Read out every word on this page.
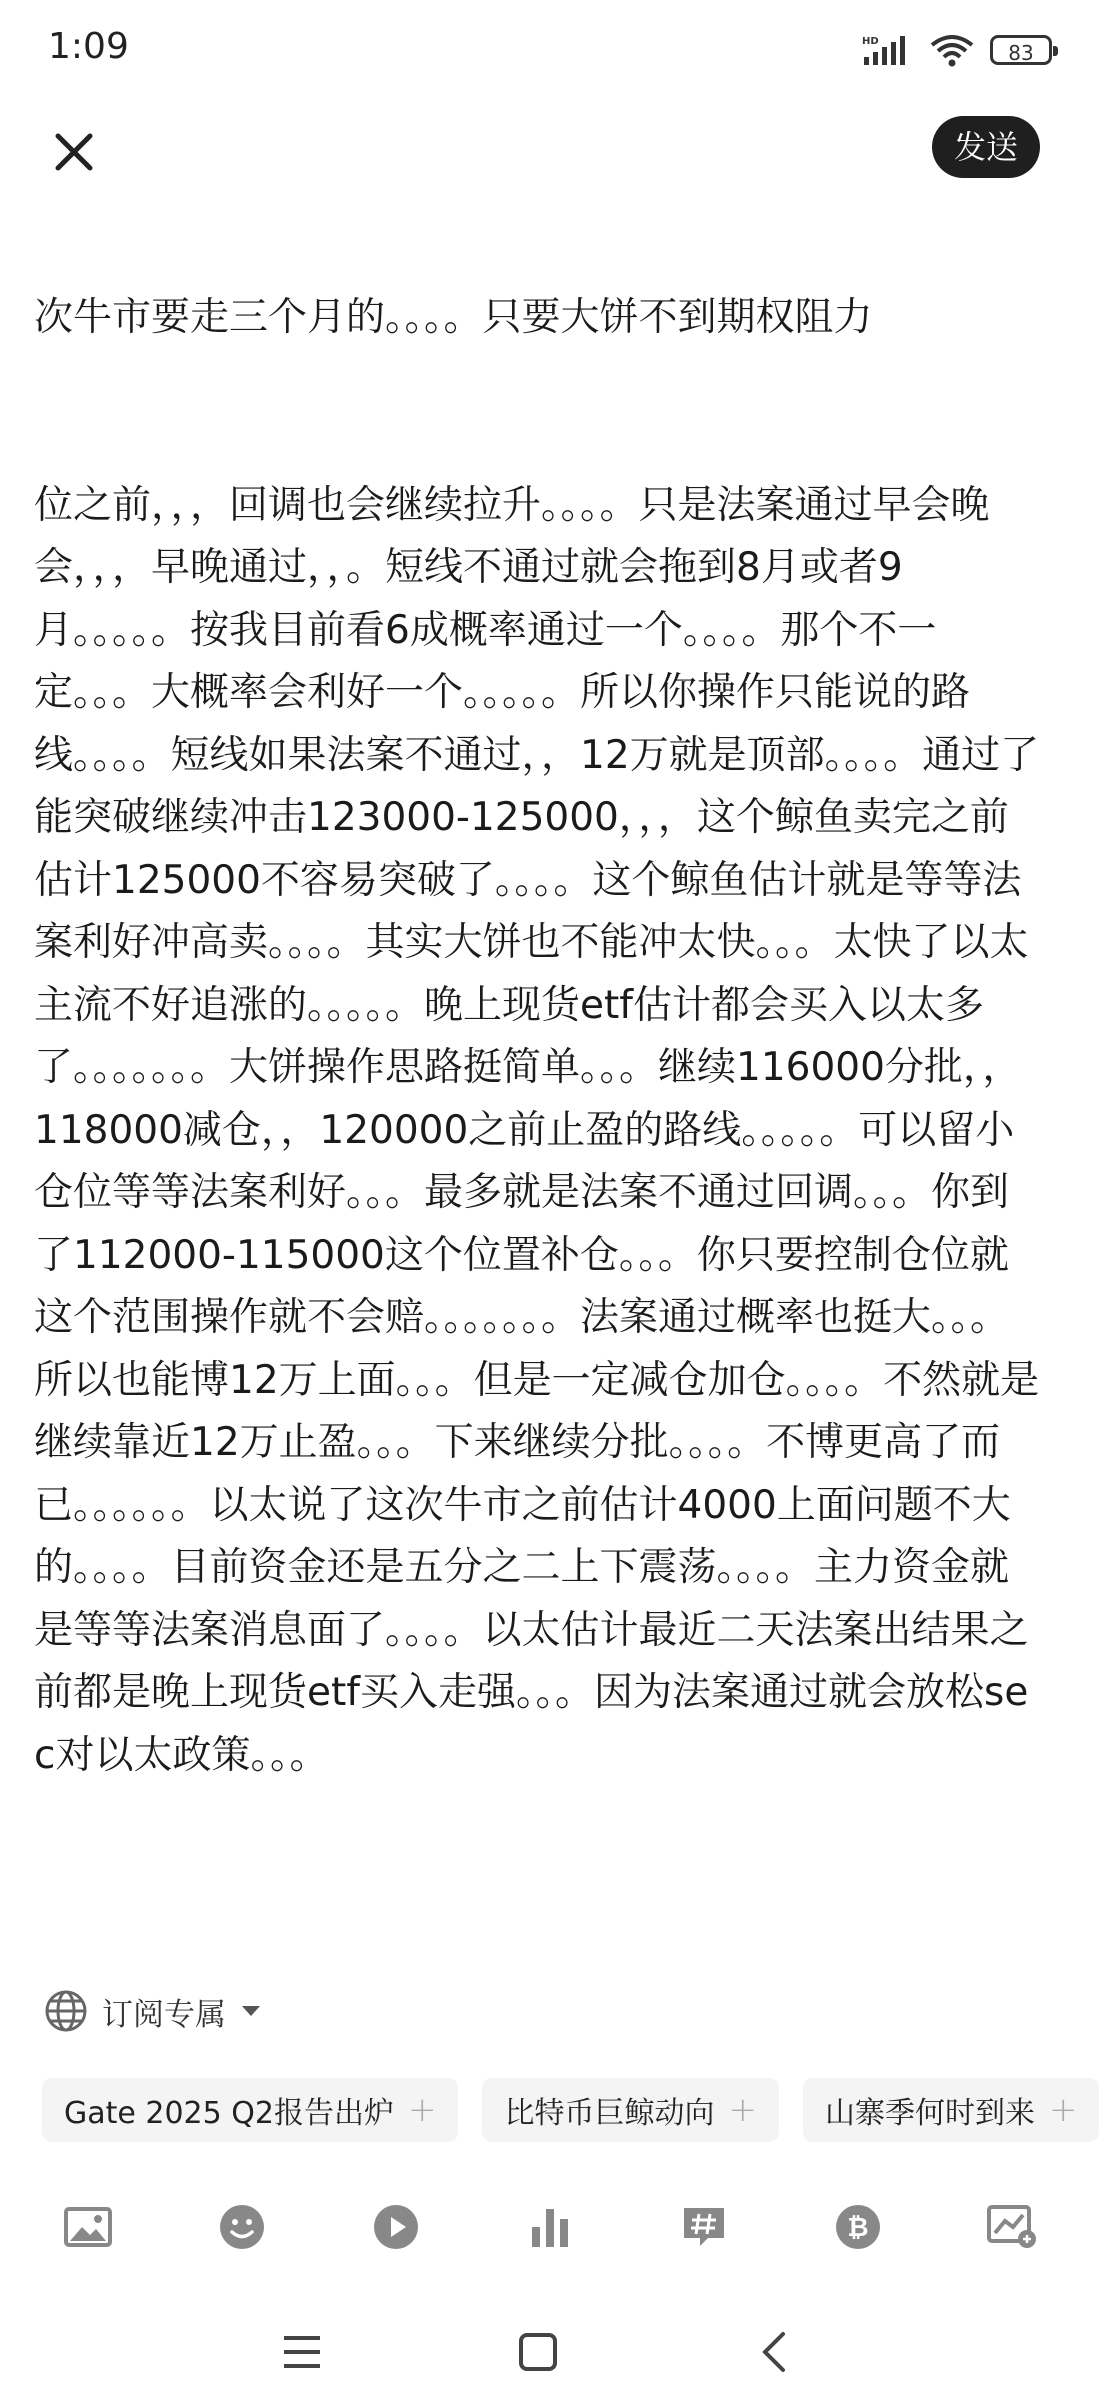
1:09	HD	83
发送

次牛市要走三个月的。。。。只要大饼不到期权阻力

位之前，，，回调也会继续拉升。。。。只是法案通过早会晚会，，，早晚通过，，。短线不通过就会拖到8月或者9月。。。。。按我目前看6成概率通过一个。。。。那个不一定。。。大概率会利好一个。。。。。所以你操作只能说的路线。。。。短线如果法案不通过，，12万就是顶部。。。。通过了能突破继续冲击123000-125000，，，这个鲸鱼卖完之前估计125000不容易突破了。。。。这个鲸鱼估计就是等等法案利好冲高卖。。。。其实大饼也不能冲太快。。。太快了以太主流不好追涨的。。。。。晚上现货etf估计都会买入以太多了。。。。。。。大饼操作思路挺简单。。。继续116000分批，，118000减仓，，120000之前止盈的路线。。。。。可以留小仓位等等法案利好。。。最多就是法案不通过回调。。。你到了112000-115000这个位置补仓。。。你只要控制仓位就这个范围操作就不会赔。。。。。。。法案通过概率也挺大。。。所以也能博12万上面。。。但是一定减仓加仓。。。。不然就是继续靠近12万止盈。。。下来继续分批。。。。不博更高了而已。。。。。。以太说了这次牛市之前估计4000上面问题不大的。。。。目前资金还是五分之二上下震荡。。。。主力资金就是等等法案消息面了。。。。以太估计最近二天法案出结果之前都是晚上现货etf买入走强。。。因为法案通过就会放松sec对以太政策。。。

订阅专属
Gate 2025 Q2报告出炉 + 比特币巨鲸动向 + 山寨季何时到来 +
₿
